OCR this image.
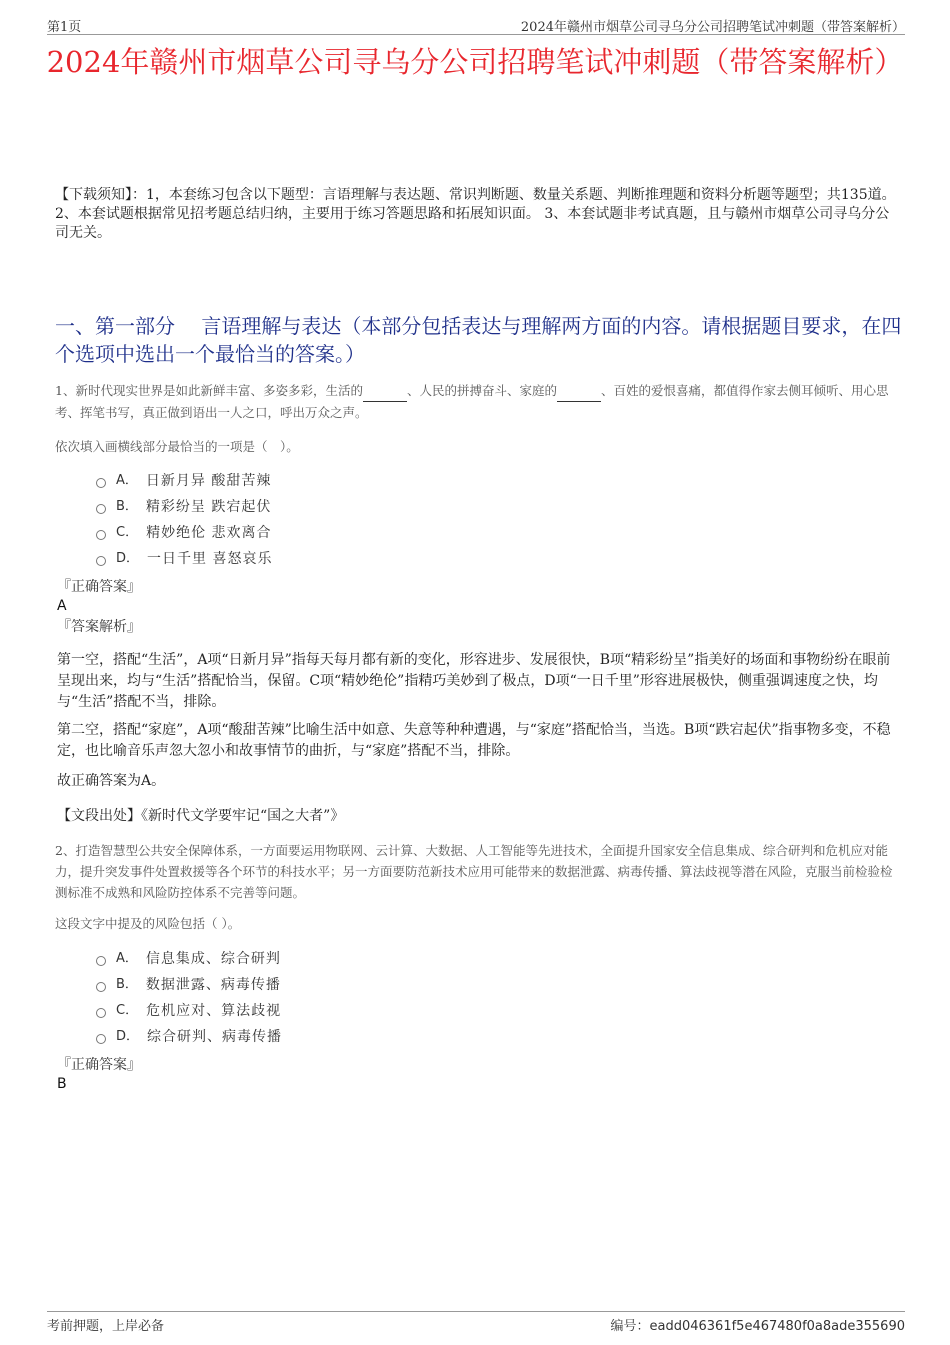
第1页	2024年赣州市烟草公司寻乌分公司招聘笔试冲刺题（带答案解析）
2024年赣州市烟草公司寻乌分公司招聘笔试冲刺题（带答案解析）
【下载须知】：1，本套练习包含以下题型：言语理解与表达题、常识判断题、数量关系题、判断推理题和资料分析题等题型；共135道。 2、本套试题根据常见招考题总结归纳，主要用于练习答题思路和拓展知识面。 3、本套试题非考试真题，且与赣州市烟草公司寻乌分公司无关。
一、第一部分　 言语理解与表达（本部分包括表达与理解两方面的内容。请根据题目要求，在四个选项中选出一个最恰当的答案。）
1、新时代现实世界是如此新鲜丰富、多姿多彩，生活的	、人民的拼搏奋斗、家庭的	、百姓的爱恨喜痛，都值得作家去侧耳倾听、用心思考、挥笔书写，真正做到语出一人之口，呼出万众之声。
依次填入画横线部分最恰当的一项是（　）。
A． 日新月异 酸甜苦辣
B． 精彩纷呈 跌宕起伏
C． 精妙绝伦 悲欢离合
D． 一日千里 喜怒哀乐
『正确答案』
A
『答案解析』
第一空，搭配“生活”，A项“日新月异”指每天每月都有新的变化，形容进步、发展很快，B项“精彩纷呈”指美好的场面和事物纷纷在眼前呈现出来，均与“生活”搭配恰当，保留。C项“精妙绝伦”指精巧美妙到了极点，D项“一日千里”形容进展极快，侧重强调速度之快，均与“生活”搭配不当，排除。
第二空，搭配“家庭”，A项“酸甜苦辣”比喻生活中如意、失意等种种遭遇，与“家庭”搭配恰当，当选。B项“跌宕起伏”指事物多变，不稳定，也比喻音乐声忽大忽小和故事情节的曲折，与“家庭”搭配不当，排除。
故正确答案为A。
【文段出处】《新时代文学要牢记“国之大者”》
2、打造智慧型公共安全保障体系，一方面要运用物联网、云计算、大数据、人工智能等先进技术，全面提升国家安全信息集成、综合研判和危机应对能力，提升突发事件处置救援等各个环节的科技水平；另一方面要防范新技术应用可能带来的数据泄露、病毒传播、算法歧视等潜在风险，克服当前检验检测标准不成熟和风险防控体系不完善等问题。
这段文字中提及的风险包括（ ）。
A． 信息集成、综合研判
B． 数据泄露、病毒传播
C． 危机应对、算法歧视
D． 综合研判、病毒传播
『正确答案』
B
考前押题，上岸必备	编号：eadd046361f5e467480f0a8ade355690
